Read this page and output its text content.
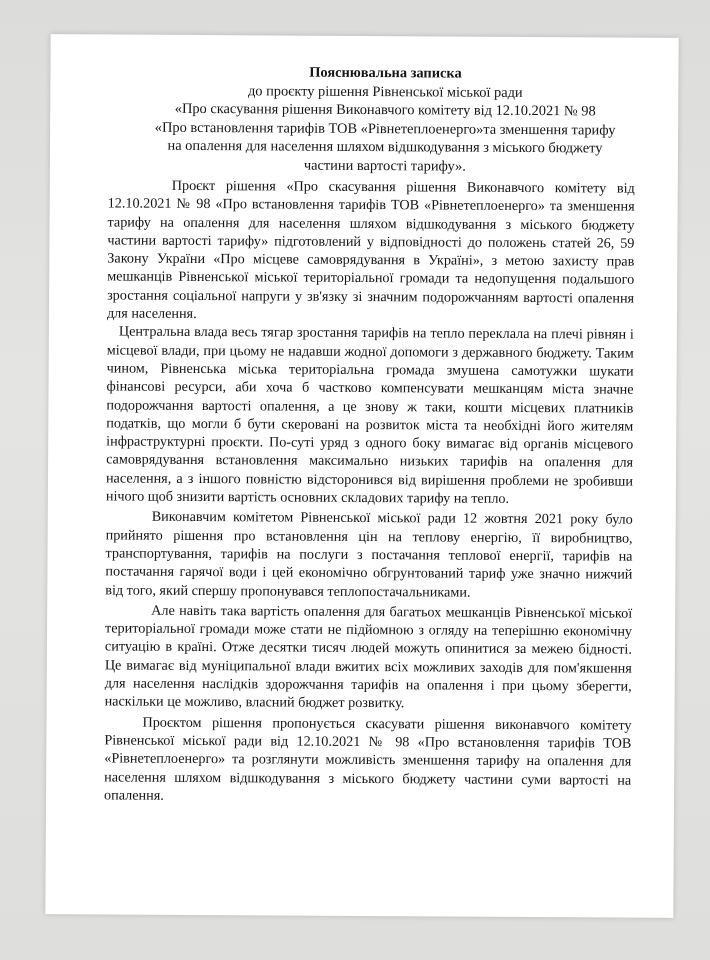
Пояснювальна записка
до проєкту рішення Рівненської міської ради
«Про скасування рішення Виконавчого комітету від 12.10.2021 № 98
«Про встановлення тарифів ТОВ «Рівнетеплоенерго»та зменшення тарифу
на опалення для населення шляхом відшкодування з міського бюджету
частини вартості тарифу».

Проєкт рішення «Про скасування рішення Виконавчого комітету від 12.10.2021 № 98 «Про встановлення тарифів ТОВ «Рівнетеплоенерго» та зменшення тарифу на опалення для населення шляхом відшкодування з міського бюджету частини вартості тарифу» підготовлений у відповідності до положень статей 26, 59 Закону України «Про місцеве самоврядування в Україні», з метою захисту прав мешканців Рівненської міської територіальної громади та недопущення подальшого зростання соціальної напруги у зв'язку зі значним подорожчанням вартості опалення для населення.

Центральна влада весь тягар зростання тарифів на тепло переклала на плечі рівнян і місцевої влади, при цьому не надавши жодної допомоги з державного бюджету. Таким чином, Рівненська міська територіальна громада змушена самотужки шукати фінансові ресурси, аби хоча б частково компенсувати мешканцям міста значне подорожчання вартості опалення, а це знову ж таки, кошти місцевих платників податків, що могли б бути скеровані на розвиток міста та необхідні його жителям інфраструктурні проєкти. По-суті уряд з одного боку вимагає від органів місцевого самоврядування встановлення максимально низьких тарифів на опалення для населення, а з іншого повністю відсторонився від вирішення проблеми не зробивши нічого щоб знизити вартість основних складових тарифу на тепло.

Виконавчим комітетом Рівненської міської ради 12 жовтня 2021 року було прийнято рішення про встановлення цін на теплову енергію, її виробництво, транспортування, тарифів на послуги з постачання теплової енергії, тарифів на постачання гарячої води і цей економічно обгрунтований тариф уже значно нижчий від того, який спершу пропонувався теплопостачальниками.

Але навіть така вартість опалення для багатьох мешканців Рівненської міської територіальної громади може стати не підйомною з огляду на теперішню економічну ситуацію в країні. Отже десятки тисяч людей можуть опинитися за межею бідності. Це вимагає від муніципальної влади вжитих всіх можливих заходів для пом'якшення для населення наслідків здорожчання тарифів на опалення і при цьому зберегти, наскільки це можливо, власний бюджет розвитку.

Проєктом рішення пропонується скасувати рішення виконавчого комітету Рівненської міської ради від 12.10.2021 № 98 «Про встановлення тарифів ТОВ «Рівнетеплоенерго» та розглянути можливість зменшення тарифу на опалення для населення шляхом відшкодування з міського бюджету частини суми вартості на опалення.
